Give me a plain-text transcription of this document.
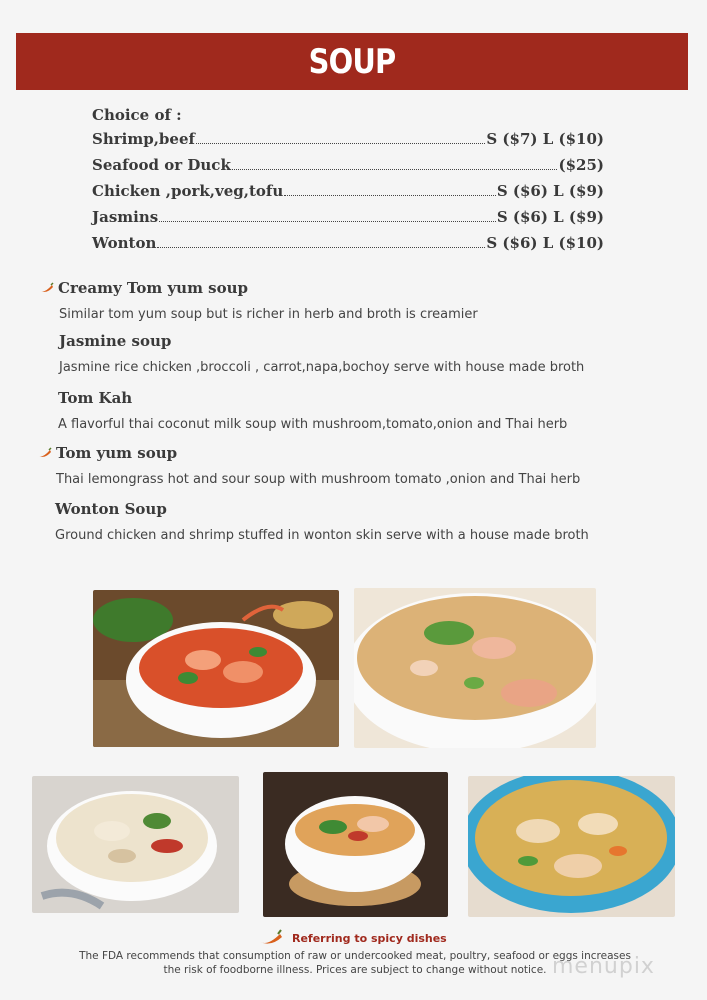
SOUP
Choice of :
Shrimp,beef	S ($7) L ($10)
Seafood or Duck	($25)
Chicken ,pork,veg,tofu	S ($6) L ($9)
Jasmins	S ($6) L ($9)
Wonton	S ($6) L ($10)
Creamy Tom yum soup
Similar tom yum soup but is richer in herb and broth is creamier
Jasmine soup
Jasmine rice chicken ,broccoli , carrot,napa,bochoy serve with house made broth
Tom Kah
A flavorful thai coconut milk soup with mushroom,tomato,onion and Thai herb
Tom yum soup
Thai lemongrass hot and sour soup with mushroom tomato ,onion and Thai herb
Wonton Soup
Ground chicken and shrimp stuffed in wonton skin serve with a house made broth
Referring to spicy dishes
The FDA recommends that consumption of raw or undercooked meat, poultry, seafood or eggs increases
the risk of foodborne illness. Prices are subject to change without notice. menupix
